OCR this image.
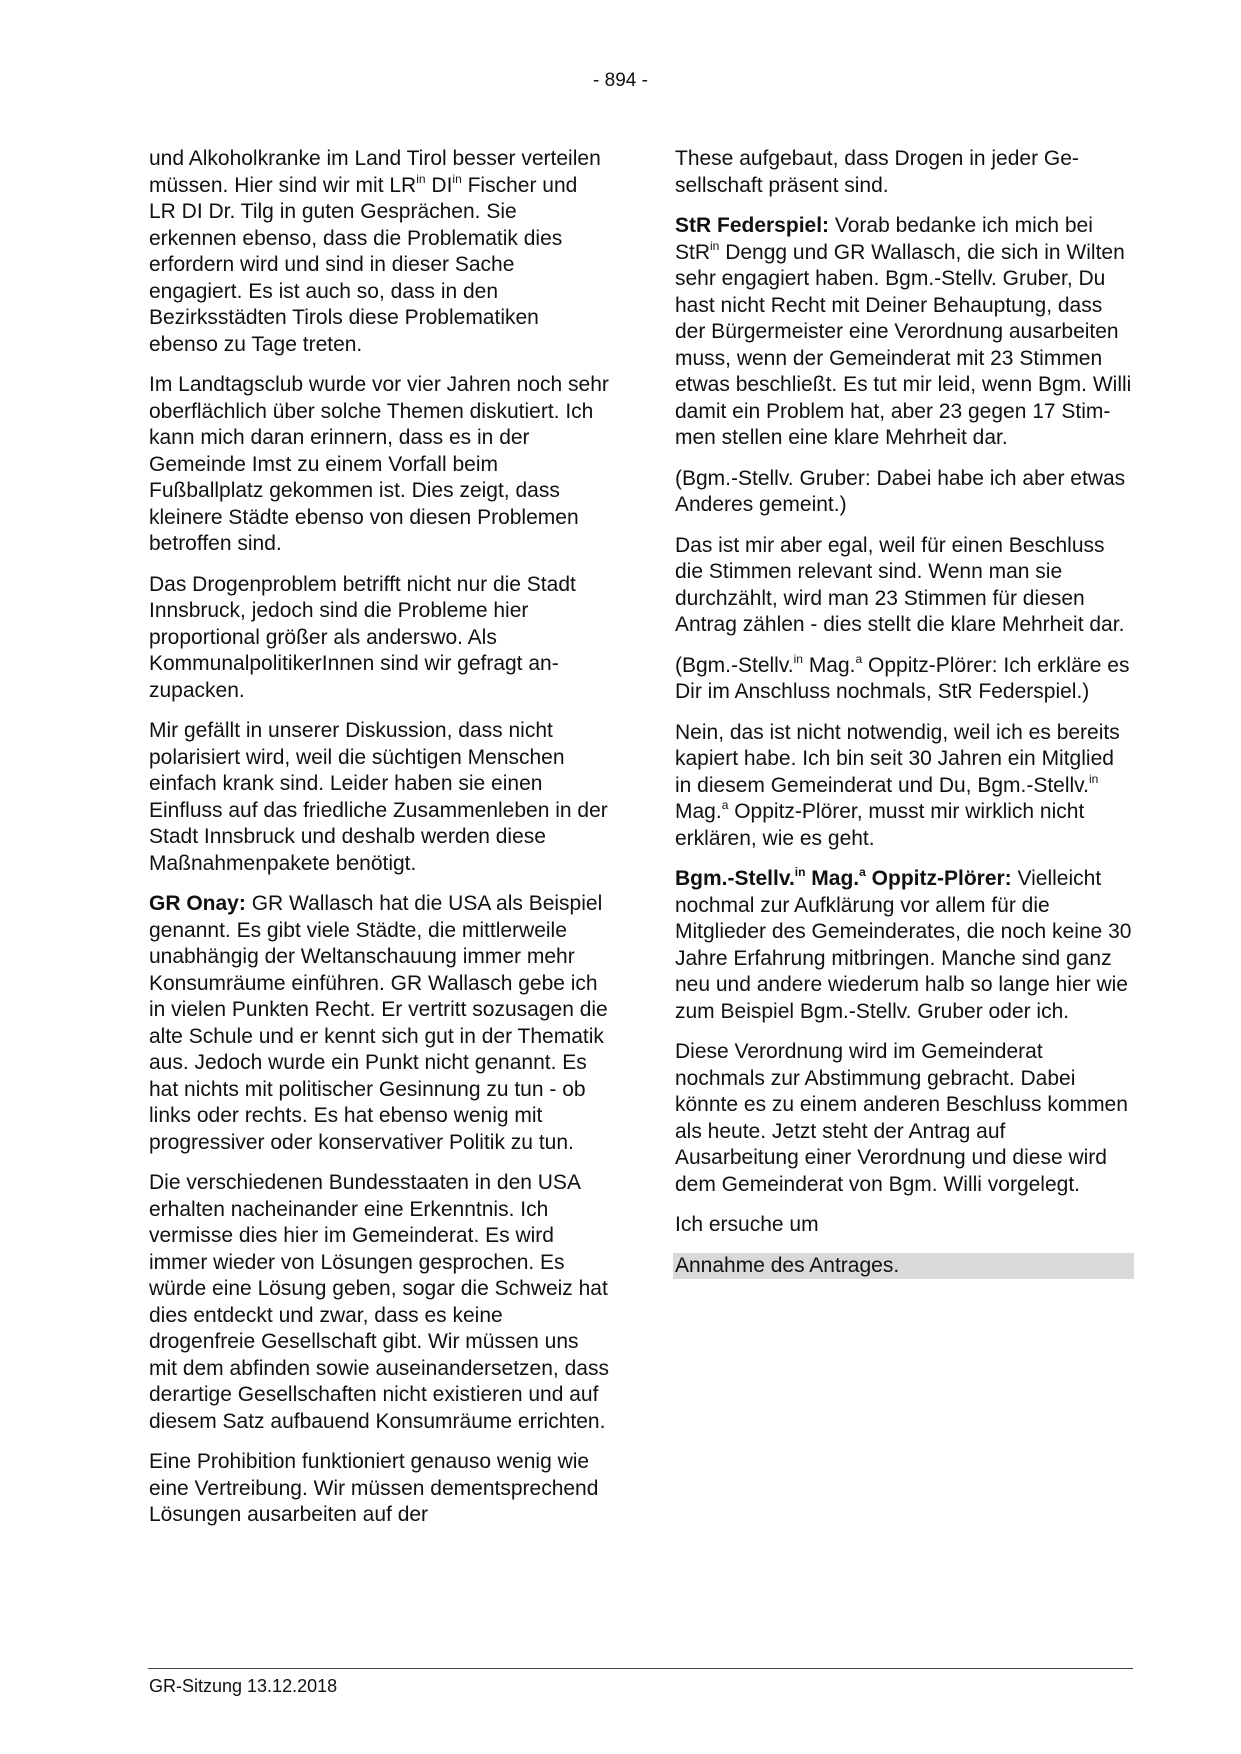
- 894 -

und Alkoholkranke im Land Tirol besser verteilen müssen. Hier sind wir mit $LR^{in}$ $DI^{in}$ Fischer und LR DI Dr. Tilg in guten Gesprächen. Sie erkennen ebenso, dass die Problematik dies erfordern wird und sind in dieser Sache engagiert. Es ist auch so, dass in den Bezirksstädten Tirols diese Problematiken ebenso zu Tage treten.

Im Landtagsclub wurde vor vier Jahren noch sehr oberflächlich über solche Themen diskutiert. Ich kann mich daran erinnern, dass es in der Gemeinde Imst zu einem Vorfall beim Fußballplatz gekommen ist. Dies zeigt, dass kleinere Städte ebenso von diesen Problemen betroffen sind.

Das Drogenproblem betrifft nicht nur die Stadt Innsbruck, jedoch sind die Probleme hier proportional größer als anderswo. Als KommunalpolitikerInnen sind wir gefragt anzupacken.

Mir gefällt in unserer Diskussion, dass nicht polarisiert wird, weil die süchtigen Menschen einfach krank sind. Leider haben sie einen Einfluss auf das friedliche Zusammenleben in der Stadt Innsbruck und deshalb werden diese Maßnahmenpakete benötigt.

GR Onay: GR Wallasch hat die USA als Beispiel genannt. Es gibt viele Städte, die mittlerweile unabhängig der Weltanschauung immer mehr Konsumräume einführen. GR Wallasch gebe ich in vielen Punkten Recht. Er vertritt sozusagen die alte Schule und er kennt sich gut in der Thematik aus. Jedoch wurde ein Punkt nicht genannt. Es hat nichts mit politischer Gesinnung zu tun - ob links oder rechts. Es hat ebenso wenig mit progressiver oder konservativer Politik zu tun.

Die verschiedenen Bundesstaaten in den USA erhalten nacheinander eine Erkenntnis. Ich vermisse dies hier im Gemeinderat. Es wird immer wieder von Lösungen gesprochen. Es würde eine Lösung geben, sogar die Schweiz hat dies entdeckt und zwar, dass es keine drogenfreie Gesellschaft gibt. Wir müssen uns mit dem abfinden sowie auseinandersetzen, dass derartige Gesellschaften nicht existieren und auf diesem Satz aufbauend Konsumräume errichten.

Eine Prohibition funktioniert genauso wenig wie eine Vertreibung. Wir müssen dementsprechend Lösungen ausarbeiten auf der

These aufgebaut, dass Drogen in jeder Gesellschaft präsent sind.

StR Federspiel: Vorab bedanke ich mich bei StR$^{in}$ Dengg und GR Wallasch, die sich in Wilten sehr engagiert haben. Bgm.-Stellv. Gruber, Du hast nicht Recht mit Deiner Behauptung, dass der Bürgermeister eine Verordnung ausarbeiten muss, wenn der Gemeinderat mit 23 Stimmen etwas beschließt. Es tut mir leid, wenn Bgm. Willi damit ein Problem hat, aber 23 gegen 17 Stimmen stellen eine klare Mehrheit dar.

(Bgm.-Stellv. Gruber: Dabei habe ich aber etwas Anderes gemeint.)

Das ist mir aber egal, weil für einen Beschluss die Stimmen relevant sind. Wenn man sie durchzählt, wird man 23 Stimmen für diesen Antrag zählen - dies stellt die klare Mehrheit dar.

(Bgm.-Stellv.$^{in}$ Mag.$^a$ Oppitz-Plörer: Ich erkläre es Dir im Anschluss nochmals, StR Federspiel.)

Nein, das ist nicht notwendig, weil ich es bereits kapiert habe. Ich bin seit 30 Jahren ein Mitglied in diesem Gemeinderat und Du, Bgm.-Stellv.$^{in}$ Mag.$^a$ Oppitz-Plörer, musst mir wirklich nicht erklären, wie es geht.

Bgm.-Stellv.$^{in}$ Mag.$^a$ Oppitz-Plörer: Vielleicht nochmal zur Aufklärung vor allem für die Mitglieder des Gemeinderates, die noch keine 30 Jahre Erfahrung mitbringen. Manche sind ganz neu und andere wiederum halb so lange hier wie zum Beispiel Bgm.-Stellv. Gruber oder ich.

Diese Verordnung wird im Gemeinderat nochmals zur Abstimmung gebracht. Dabei könnte es zu einem anderen Beschluss kommen als heute. Jetzt steht der Antrag auf Ausarbeitung einer Verordnung und diese wird dem Gemeinderat von Bgm. Willi vorgelegt.

Ich ersuche um

Annahme des Antrages.

GR-Sitzung 13.12.2018
